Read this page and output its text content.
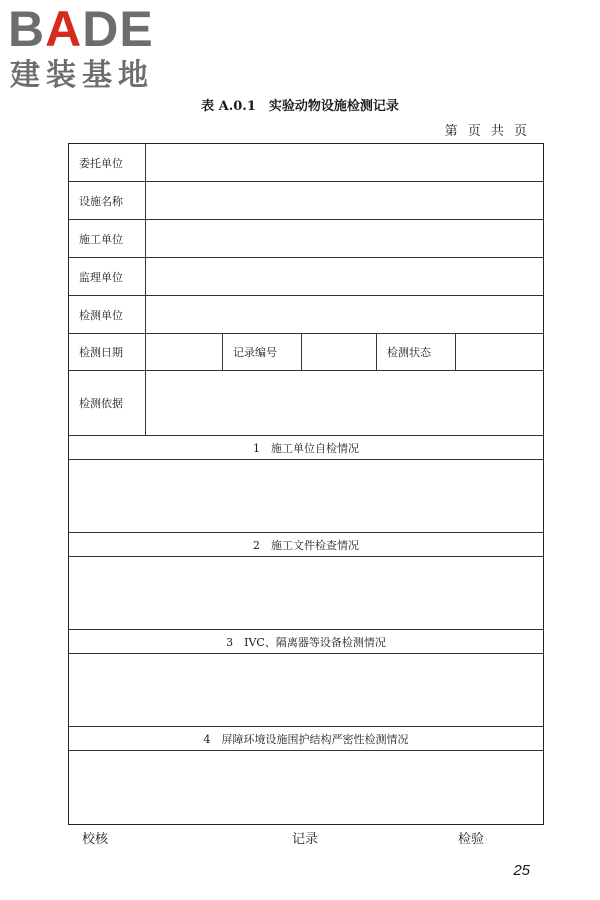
BADE
建装基地
表 A.0.1　实验动物设施检测记录
第 页 共 页
委托单位
设施名称
施工单位
监理单位
检测单位
检测日期	记录编号	检测状态
检测依据
1　施工单位自检情况
2　施工文件检查情况
3　IVC、隔离器等设备检测情况
4　屏障环境设施围护结构严密性检测情况
校核	记录	检验
25
